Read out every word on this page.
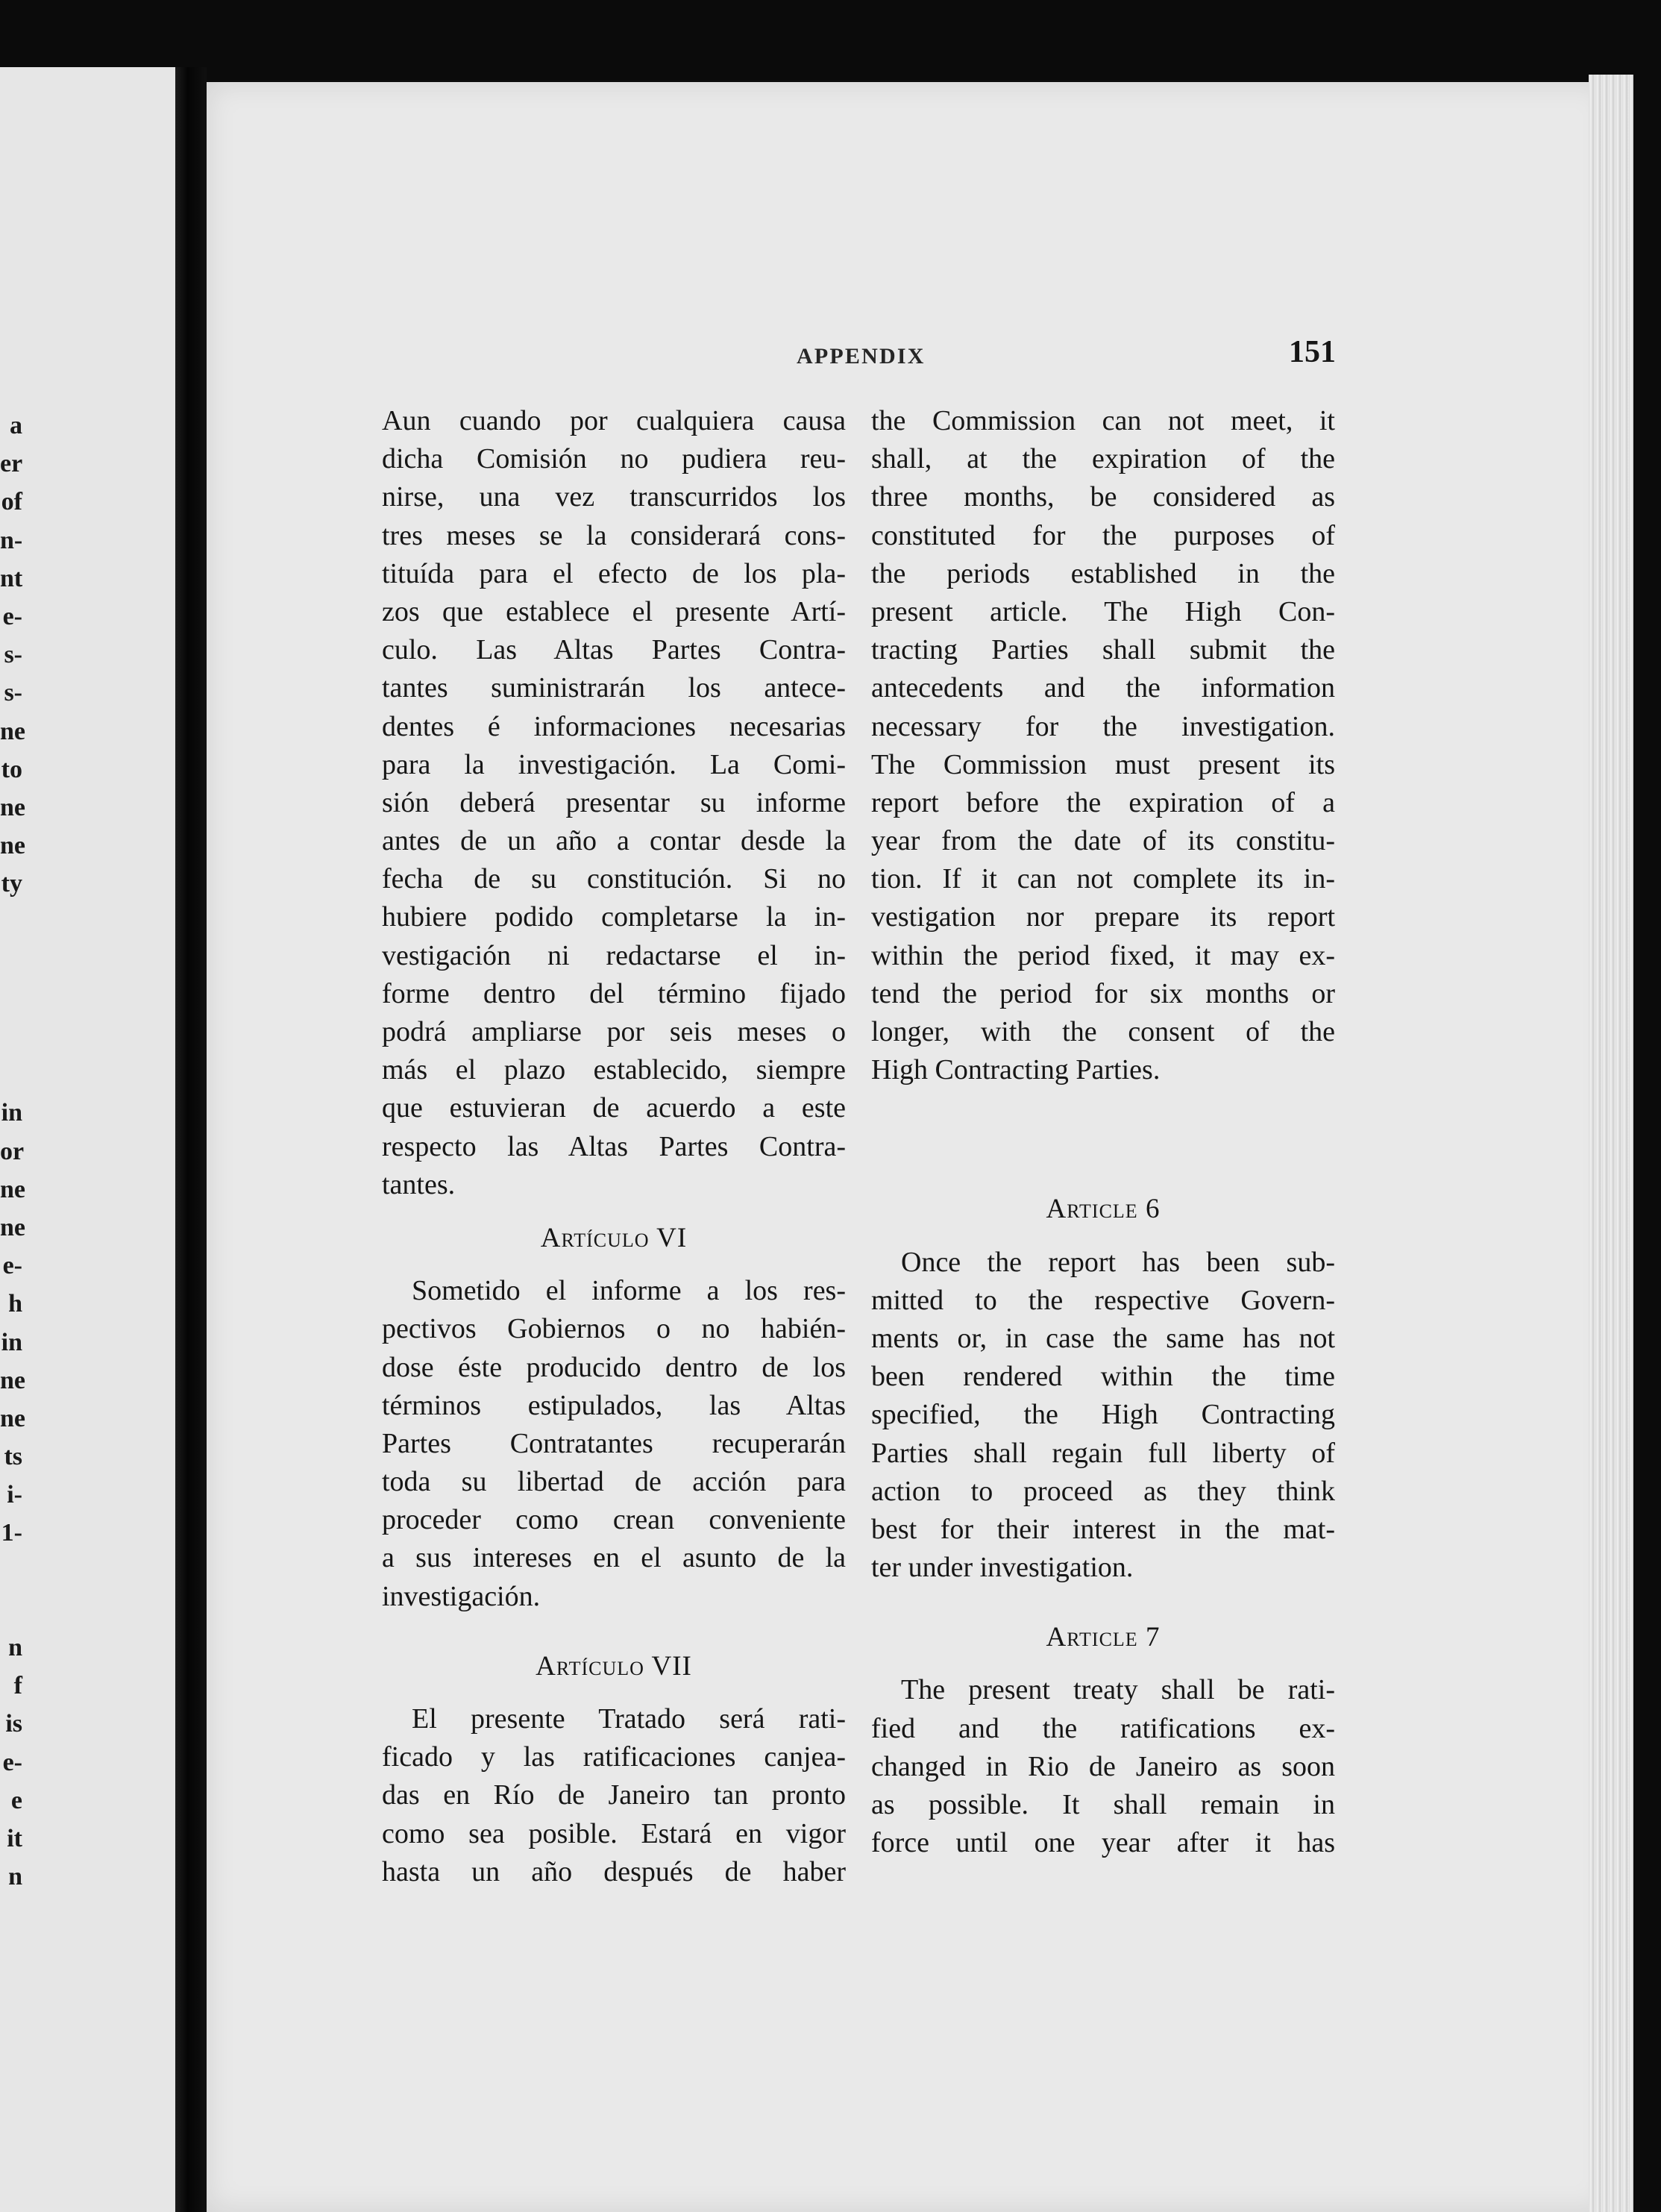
a
er
of
n-
nt
e-
s-
s-
ne
to
ne
ne
ty
in
or
ne
ne
e-
h
in
ne
ne
ts
i-
1-
n
f
is
e-
e
it
n
APPENDIX	151
Aun cuando por cualquiera causa
dicha Comisión no pudiera reu-
nirse, una vez transcurridos los
tres meses se la considerará cons-
tituída para el efecto de los pla-
zos que establece el presente Artí-
culo. Las Altas Partes Contra-
tantes suministrarán los antece-
dentes é informaciones necesarias
para la investigación. La Comi-
sión deberá presentar su informe
antes de un año a contar desde la
fecha de su constitución. Si no
hubiere podido completarse la in-
vestigación ni redactarse el in-
forme dentro del término fijado
podrá ampliarse por seis meses o
más el plazo establecido, siempre
que estuvieran de acuerdo a este
respecto las Altas Partes Contra-
tantes.
Artículo VI
Sometido el informe a los res-
pectivos Gobiernos o no habién-
dose éste producido dentro de los
términos estipulados, las Altas
Partes Contratantes recuperarán
toda su libertad de acción para
proceder como crean conveniente
a sus intereses en el asunto de la
investigación.
Artículo VII
El presente Tratado será rati-
ficado y las ratificaciones canjea-
das en Río de Janeiro tan pronto
como sea posible. Estará en vigor
hasta un año después de haber
the Commission can not meet, it
shall, at the expiration of the
three months, be considered as
constituted for the purposes of
the periods established in the
present article. The High Con-
tracting Parties shall submit the
antecedents and the information
necessary for the investigation.
The Commission must present its
report before the expiration of a
year from the date of its constitu-
tion. If it can not complete its in-
vestigation nor prepare its report
within the period fixed, it may ex-
tend the period for six months or
longer, with the consent of the
High Contracting Parties.
Article 6
Once the report has been sub-
mitted to the respective Govern-
ments or, in case the same has not
been rendered within the time
specified, the High Contracting
Parties shall regain full liberty of
action to proceed as they think
best for their interest in the mat-
ter under investigation.
Article 7
The present treaty shall be rati-
fied and the ratifications ex-
changed in Rio de Janeiro as soon
as possible. It shall remain in
force until one year after it has
